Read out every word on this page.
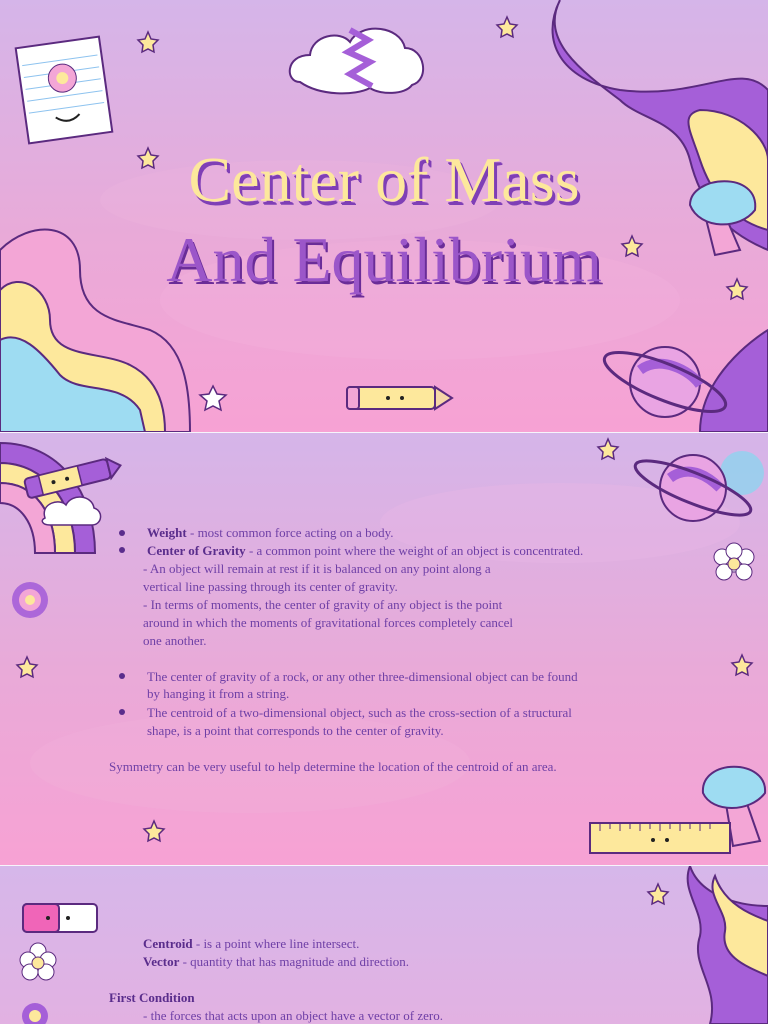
Center of Mass
And Equilibrium
Weight - most common force acting on a body.
Center of Gravity - a common point where the weight of an object is concentrated.
- An object will remain at rest if it is balanced on any point along a
vertical line passing through its center of gravity.
- In terms of moments, the center of gravity of any object is the point
around in which the moments of gravitational forces completely cancel
one another.
The center of gravity of a rock, or any other three-dimensional object can be found
by hanging it from a string.
The centroid of a two-dimensional object, such as the cross-section of a structural
shape, is a point that corresponds to the center of gravity.
Symmetry can be very useful to help determine the location of the centroid of an area.
Centroid - is a point where line intersect.
Vector - quantity that has magnitude and direction.
First Condition
- the forces that acts upon an object have a vector of zero.
